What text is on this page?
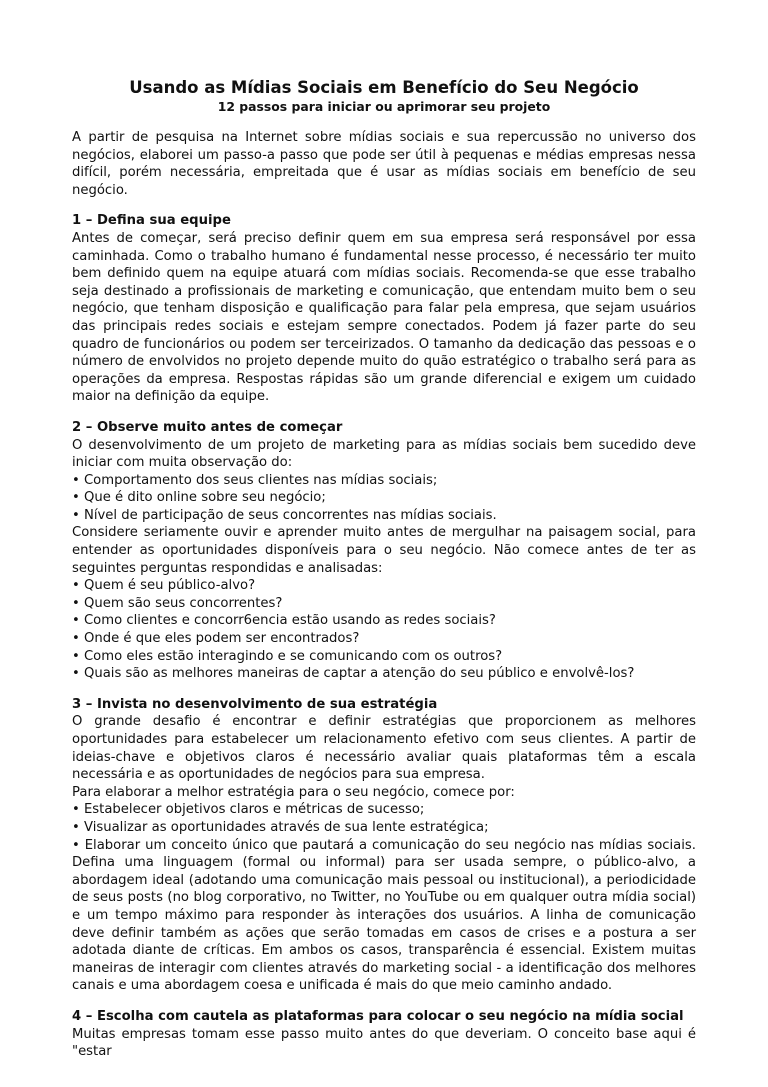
Usando as Mídias Sociais em Benefício do Seu Negócio
12 passos para iniciar ou aprimorar seu projeto

A partir de pesquisa na Internet sobre mídias sociais e sua repercussão no universo dos negócios, elaborei um passo-a passo que pode ser útil à pequenas e médias empresas nessa difícil, porém necessária, empreitada que é usar as mídias sociais em benefício de seu negócio.

1 – Defina sua equipe

Antes de começar, será preciso definir quem em sua empresa será responsável por essa caminhada. Como o trabalho humano é fundamental nesse processo, é necessário ter muito bem definido quem na equipe atuará com mídias sociais. Recomenda-se que esse trabalho seja destinado a profissionais de marketing e comunicação, que entendam muito bem o seu negócio, que tenham disposição e qualificação para falar pela empresa, que sejam usuários das principais redes sociais e estejam sempre conectados. Podem já fazer parte do seu quadro de funcionários ou podem ser terceirizados. O tamanho da dedicação das pessoas e o número de envolvidos no projeto depende muito do quão estratégico o trabalho será para as operações da empresa. Respostas rápidas são um grande diferencial e exigem um cuidado maior na definição da equipe.

2 – Observe muito antes de começar

O desenvolvimento de um projeto de marketing para as mídias sociais bem sucedido deve iniciar com muita observação do:

• Comportamento dos seus clientes nas mídias sociais;

• Que é dito online sobre seu negócio;

• Nível de participação de seus concorrentes nas mídias sociais.

Considere seriamente ouvir e aprender muito antes de mergulhar na paisagem social, para entender as oportunidades disponíveis para o seu negócio. Não comece antes de ter as seguintes perguntas respondidas e analisadas:

• Quem é seu público-alvo?

• Quem são seus concorrentes?

• Como clientes e concorr6encia estão usando as redes sociais?

• Onde é que eles podem ser encontrados?

• Como eles estão interagindo e se comunicando com os outros?

• Quais são as melhores maneiras de captar a atenção do seu público e envolvê-los?

3 – Invista no desenvolvimento de sua estratégia

O grande desafio é encontrar e definir estratégias que proporcionem as melhores oportunidades para estabelecer um relacionamento efetivo com seus clientes. A partir de ideias-chave e objetivos claros é necessário avaliar quais plataformas têm a escala necessária e as oportunidades de negócios para sua empresa.

Para elaborar a melhor estratégia para o seu negócio, comece por:

• Estabelecer objetivos claros e métricas de sucesso;

• Visualizar as oportunidades através de sua lente estratégica;

• Elaborar um conceito único que pautará a comunicação do seu negócio nas mídias sociais. Defina uma linguagem (formal ou informal) para ser usada sempre, o público-alvo, a abordagem ideal (adotando uma comunicação mais pessoal ou institucional), a periodicidade de seus posts (no blog corporativo, no Twitter, no YouTube ou em qualquer outra mídia social) e um tempo máximo para responder às interações dos usuários. A linha de comunicação deve definir também as ações que serão tomadas em casos de crises e a postura a ser adotada diante de críticas. Em ambos os casos, transparência é essencial. Existem muitas maneiras de interagir com clientes através do marketing social - a identificação dos melhores canais e uma abordagem coesa e unificada é mais do que meio caminho andado.

4 – Escolha com cautela as plataformas para colocar o seu negócio na mídia social

Muitas empresas tomam esse passo muito antes do que deveriam. O conceito base aqui é "estar
